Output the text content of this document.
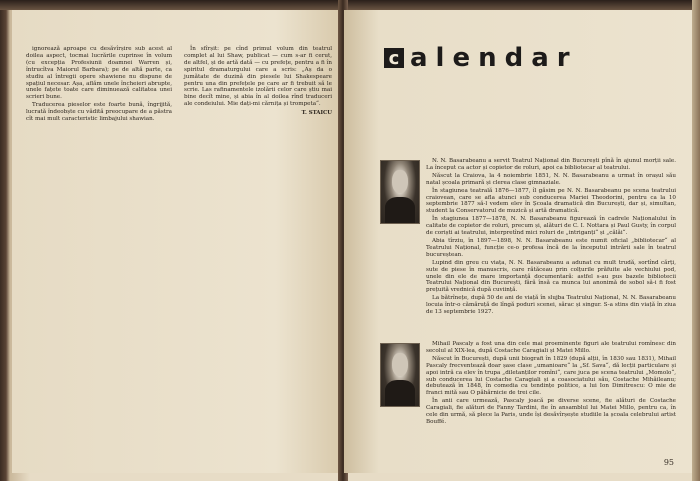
ignorează aproape cu desăvîrșire sub acest al doilea aspect, tocmai lucrările cuprinse în volum (cu excepția Profesiunii doamnei Warren și, întrucîtva Maiorul Barbara); pe de altă parte, ca studiu al întregii opere shawiene nu dispune de spațiul necesar. Așa, aflăm unele încheieri abrupte, unele fațete toate care diminuează calitatea unei scrieri bune.

Traducerea pieselor este foarte bună, îngrijită, lucrată îndeobște cu vădită preocupare de a păstra cît mai mult caracteristic limbajului shawian.

În sfîrșit: pe cînd primul volum din teatrul complet al lui Shaw, publicat — cum s-ar fi cerut, de altfel, și de artă dată — cu prefețe, pentru a fi în spiritul dramaturgului care a scris: „Aș da o jumătate de duzină din piesele lui Shakespeare pentru una din prefețele pe care ar fi trebuit să le scrie. Las rafinamentele izolării celor care știu mai bine decît mine, și abia în al doilea rînd traduceri ale condeiului. Mie dați-mi cărnița și trompeta“.

T. STAICU
c alendar

N. N. Basarabeanu a servit Teatrul Național din București pînă în ajunul morții sale. La început ca actor și copietor de roluri, apoi ca bibliotecar al teatrului.

Născut la Craiova, la 4 noiembrie 1851, N. N. Basarabeanu a urmat în orașul său natal școala primară și clerea clase gimnaziale.

În stagiunea teatrală 1876—1877, îl găsim pe N. N. Basarabeanu pe scena teatrului craiovean, care se afla atunci sub conducerea Mariei Theodorini, pentru ca la 10 septembrie 1877 să-l vedem elev în Școala dramatică din București, dar și, simultan, student la Conservatorul de muzică și artă dramatică.

În stagiunea 1877—1878, N. N. Basarabeanu figurează în cadrele Naționalului în calitate de copietor de roluri, precum și, alături de C. I. Nottara și Paul Gusty, în corpul de coriști ai teatrului, interpretînd mici roluri de „intriganți“ și „călăi“.

Abia tîrziu, în 1897—1898, N. N. Basarabeanu este numit oficial „bibliotecar“ al Teatrului Național, funcție ce-o profesa încă de la începutul intrării sale în teatrul bucureștean.

Lupind din greu cu viața, N. N. Basarabeanu a adunat cu mult trudă, sortînd cărți, sute de piese în manuscris, care rătăceau prin colțurile prăfuite ale vechiului pod, unele din ele de mare importanță documentară: astfel s-au pus bazele bibliotecii Teatrului Național din București, fără însă ca munca lui anonimă de sobol să-i fi fost prețuită vrednică după cuviință.

La bătrînețe, după 50 de ani de viață în slujba Teatrului Național, N. N. Basarabeanu locuia într-o cămăruță de lîngă poduri scenei, sărac și singur. S-a stins din viață în ziua de 13 septembrie 1927.

Mihail Pascaly a fost una din cele mai proeminente figuri ale teatrului romînesc din secolul al XIX-lea, după Costache Caragiali și Matei Millo.

Născut în București, după unii biografi în 1829 (după alții, în 1830 sau 1831), Mihail Pascaly frecventează doar șase clase „umanioare“ la „Sf. Sava“, dă lecții particulare și apoi intră ca elev în trupa „diletanților romîni“, care juca pe scena teatrului „Momolo“, sub conducerea lui Costache Caragiali și a coasociatului său, Costache Mihăileanu; debutează în 1848, în comedia cu tendințe politice, a lui Ion Dimitrescu: O mie de franci mită sau O păhărnicie de trei cile.

În anii care urmează, Pascaly joacă pe diverse scene, fie alături de Costache Caragiali, fie alături de Fanny Tardini, fie în ansamblul lui Matei Millo, pentru ca, în cele din urmă, să plece la Paris, unde își desăvîrșește studiile la școala celebrului artist Bouffé.

95
